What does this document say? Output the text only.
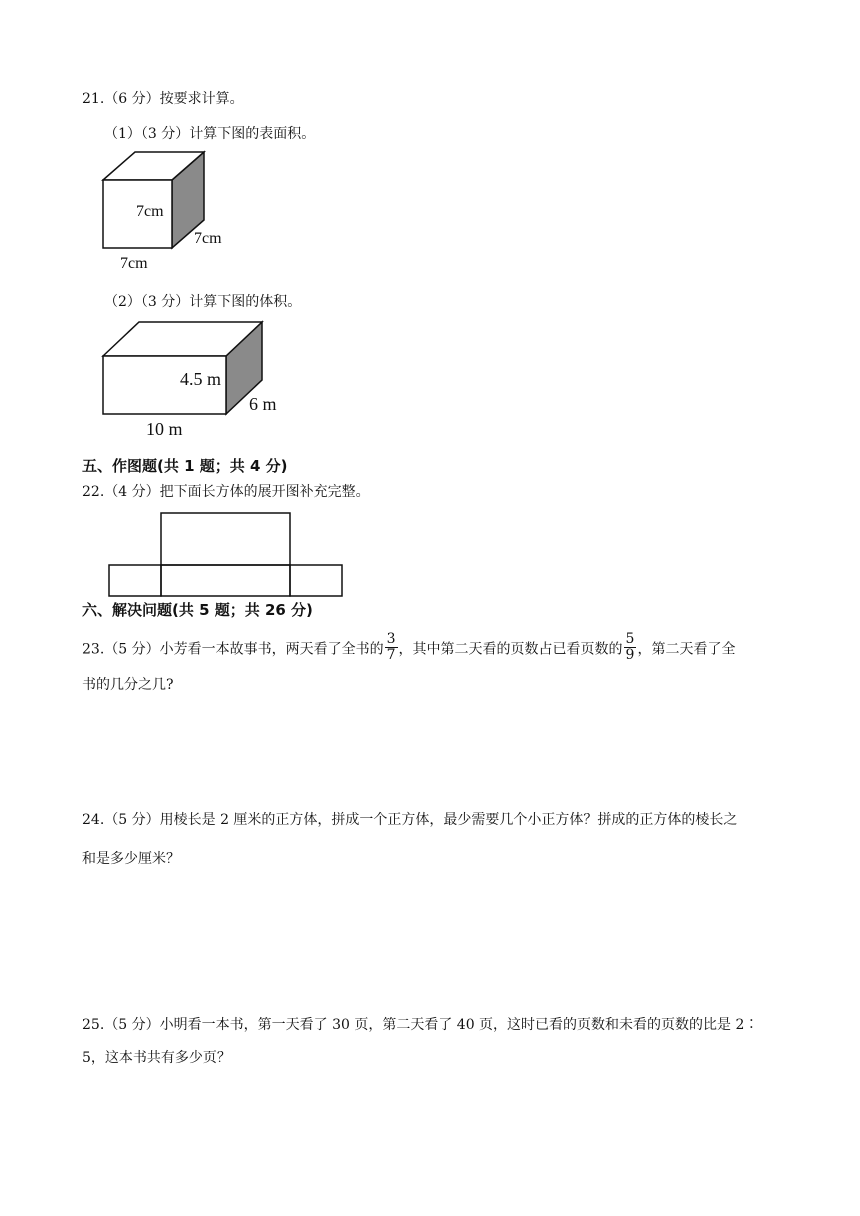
21.（6 分）按要求计算。
（1）（3 分）计算下图的表面积。
7cm
7cm
7cm
（2）（3 分）计算下图的体积。
4.5 m
6 m
10 m
五、作图题(共 1 题；共 4 分)
22.（4 分）把下面长方体的展开图补充完整。
六、解决问题(共 5 题；共 26 分)
23.（5 分）小芳看一本故事书，两天看了全书的 $\frac{3}{7}$ ，其中第二天看的页数占已看页数的 $\frac{5}{9}$ ，第二天看了全
书的几分之几?
24.（5 分）用棱长是 2 厘米的正方体，拼成一个正方体，最少需要几个小正方体？拼成的正方体的棱长之
和是多少厘米？
25.（5 分）小明看一本书，第一天看了 30 页，第二天看了 40 页，这时已看的页数和未看的页数的比是 2∶
5，这本书共有多少页？
